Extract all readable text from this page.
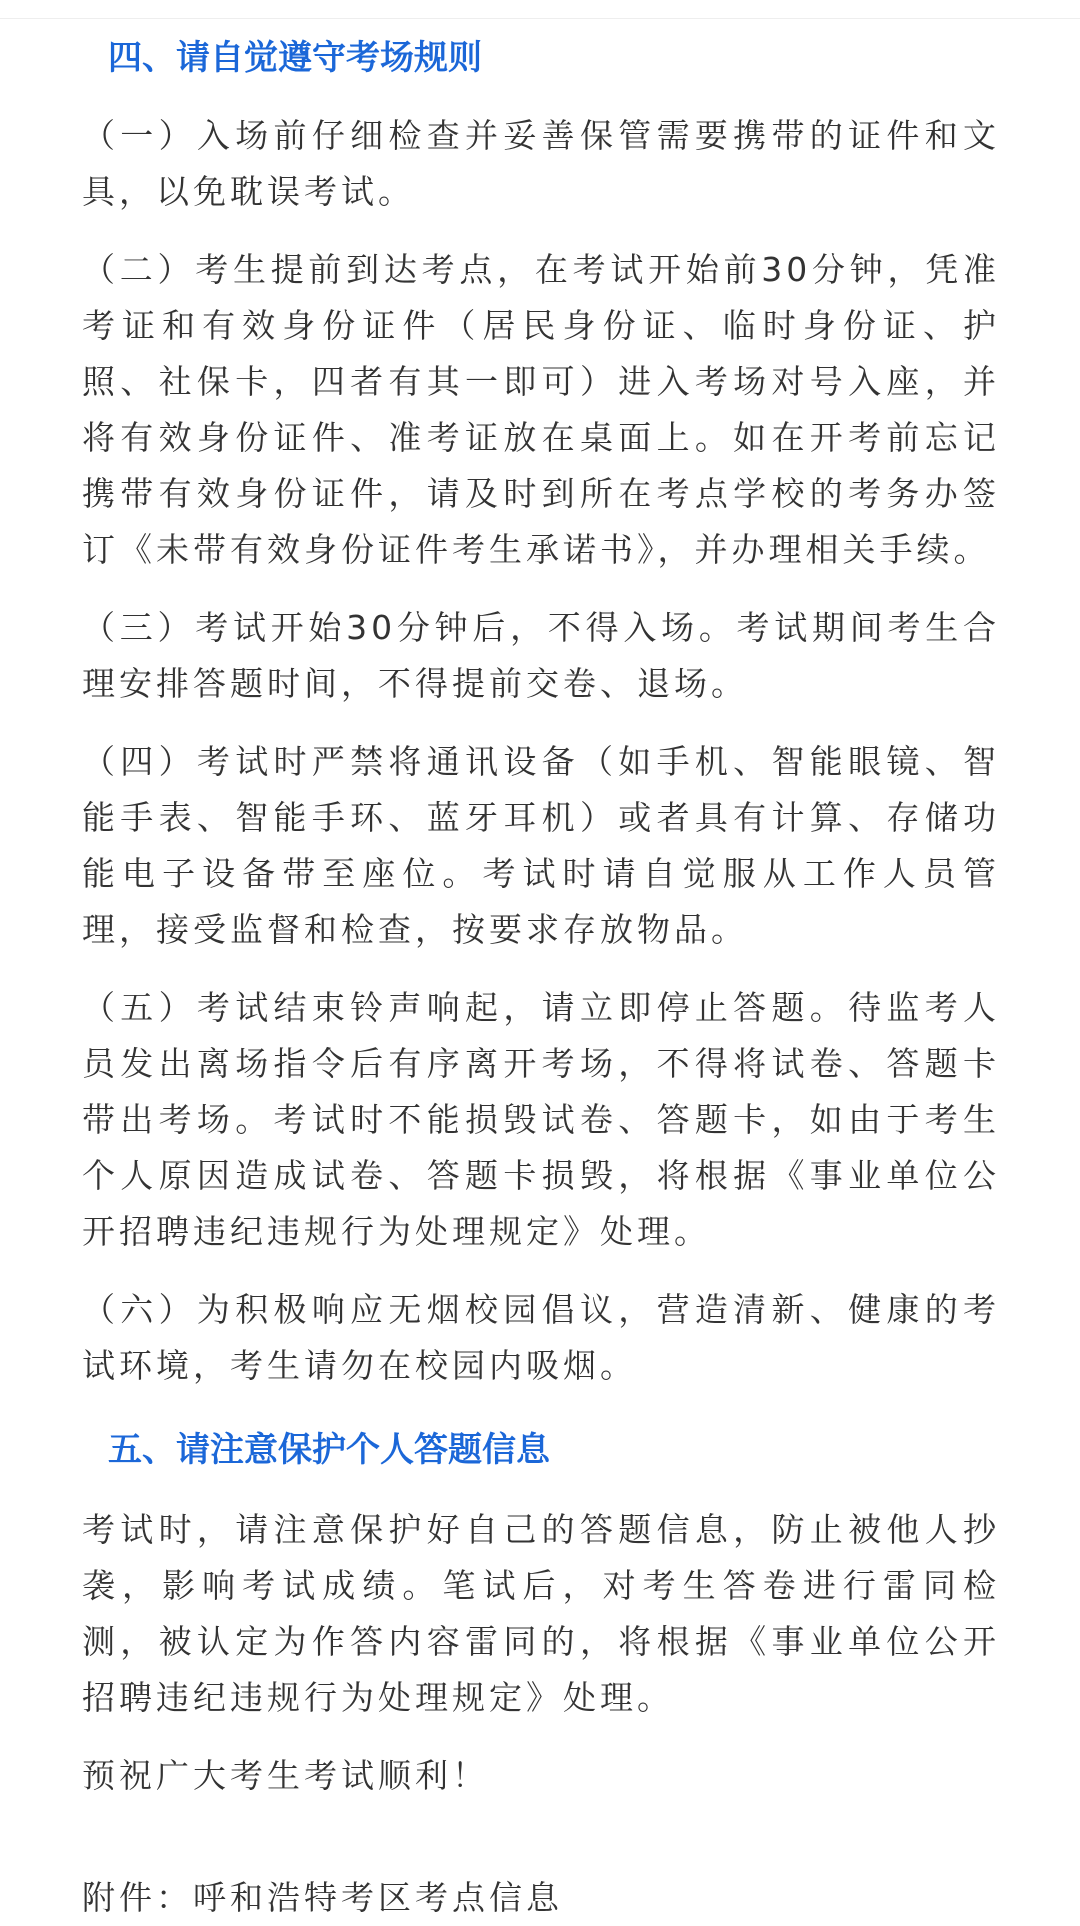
四、请自觉遵守考场规则

（一）入场前仔细检查并妥善保管需要携带的证件和文具，以免耽误考试。

（二）考生提前到达考点，在考试开始前30分钟，凭准考证和有效身份证件（居民身份证、临时身份证、护照、社保卡，四者有其一即可）进入考场对号入座，并将有效身份证件、准考证放在桌面上。如在开考前忘记携带有效身份证件，请及时到所在考点学校的考务办签订《未带有效身份证件考生承诺书》，并办理相关手续。

（三）考试开始30分钟后，不得入场。考试期间考生合理安排答题时间，不得提前交卷、退场。

（四）考试时严禁将通讯设备（如手机、智能眼镜、智能手表、智能手环、蓝牙耳机）或者具有计算、存储功能电子设备带至座位。考试时请自觉服从工作人员管理，接受监督和检查，按要求存放物品。

（五）考试结束铃声响起，请立即停止答题。待监考人员发出离场指令后有序离开考场，不得将试卷、答题卡带出考场。考试时不能损毁试卷、答题卡，如由于考生个人原因造成试卷、答题卡损毁，将根据《事业单位公开招聘违纪违规行为处理规定》处理。

（六）为积极响应无烟校园倡议，营造清新、健康的考试环境，考生请勿在校园内吸烟。

五、请注意保护个人答题信息

考试时，请注意保护好自己的答题信息，防止被他人抄袭，影响考试成绩。笔试后，对考生答卷进行雷同检测，被认定为作答内容雷同的，将根据《事业单位公开招聘违纪违规行为处理规定》处理。

预祝广大考生考试顺利！

附件：呼和浩特考区考点信息
